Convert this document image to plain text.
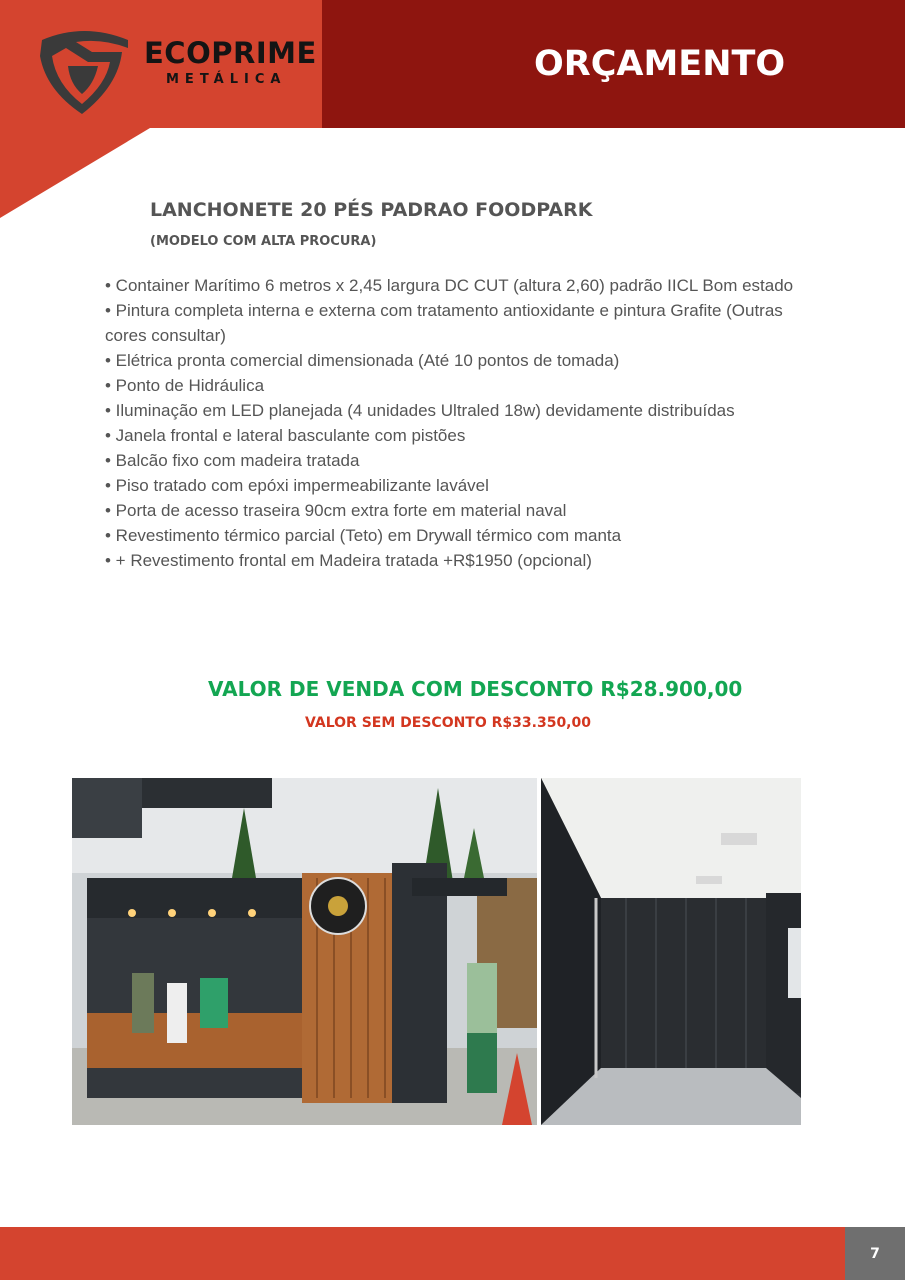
ECOPRIME
METÁLICA	ORÇAMENTO
LANCHONETE 20 PÉS PADRAO FOODPARK
(MODELO COM ALTA PROCURA)
• Container Marítimo 6 metros x 2,45 largura DC CUT (altura 2,60) padrão IICL Bom estado
• Pintura completa interna e externa com tratamento antioxidante e pintura Grafite (Outras cores consultar)
• Elétrica pronta comercial dimensionada (Até 10 pontos de tomada)
• Ponto de Hidráulica
• Iluminação em LED planejada (4 unidades Ultraled 18w) devidamente distribuídas
• Janela frontal e lateral basculante com pistões
• Balcão fixo com madeira tratada
• Piso tratado com epóxi impermeabilizante lavável
• Porta de acesso traseira 90cm extra forte em material naval
• Revestimento térmico parcial (Teto) em Drywall térmico com manta
• + Revestimento frontal em Madeira tratada +R$1950 (opcional)
VALOR DE VENDA COM DESCONTO R$28.900,00
VALOR SEM DESCONTO R$33.350,00
7
